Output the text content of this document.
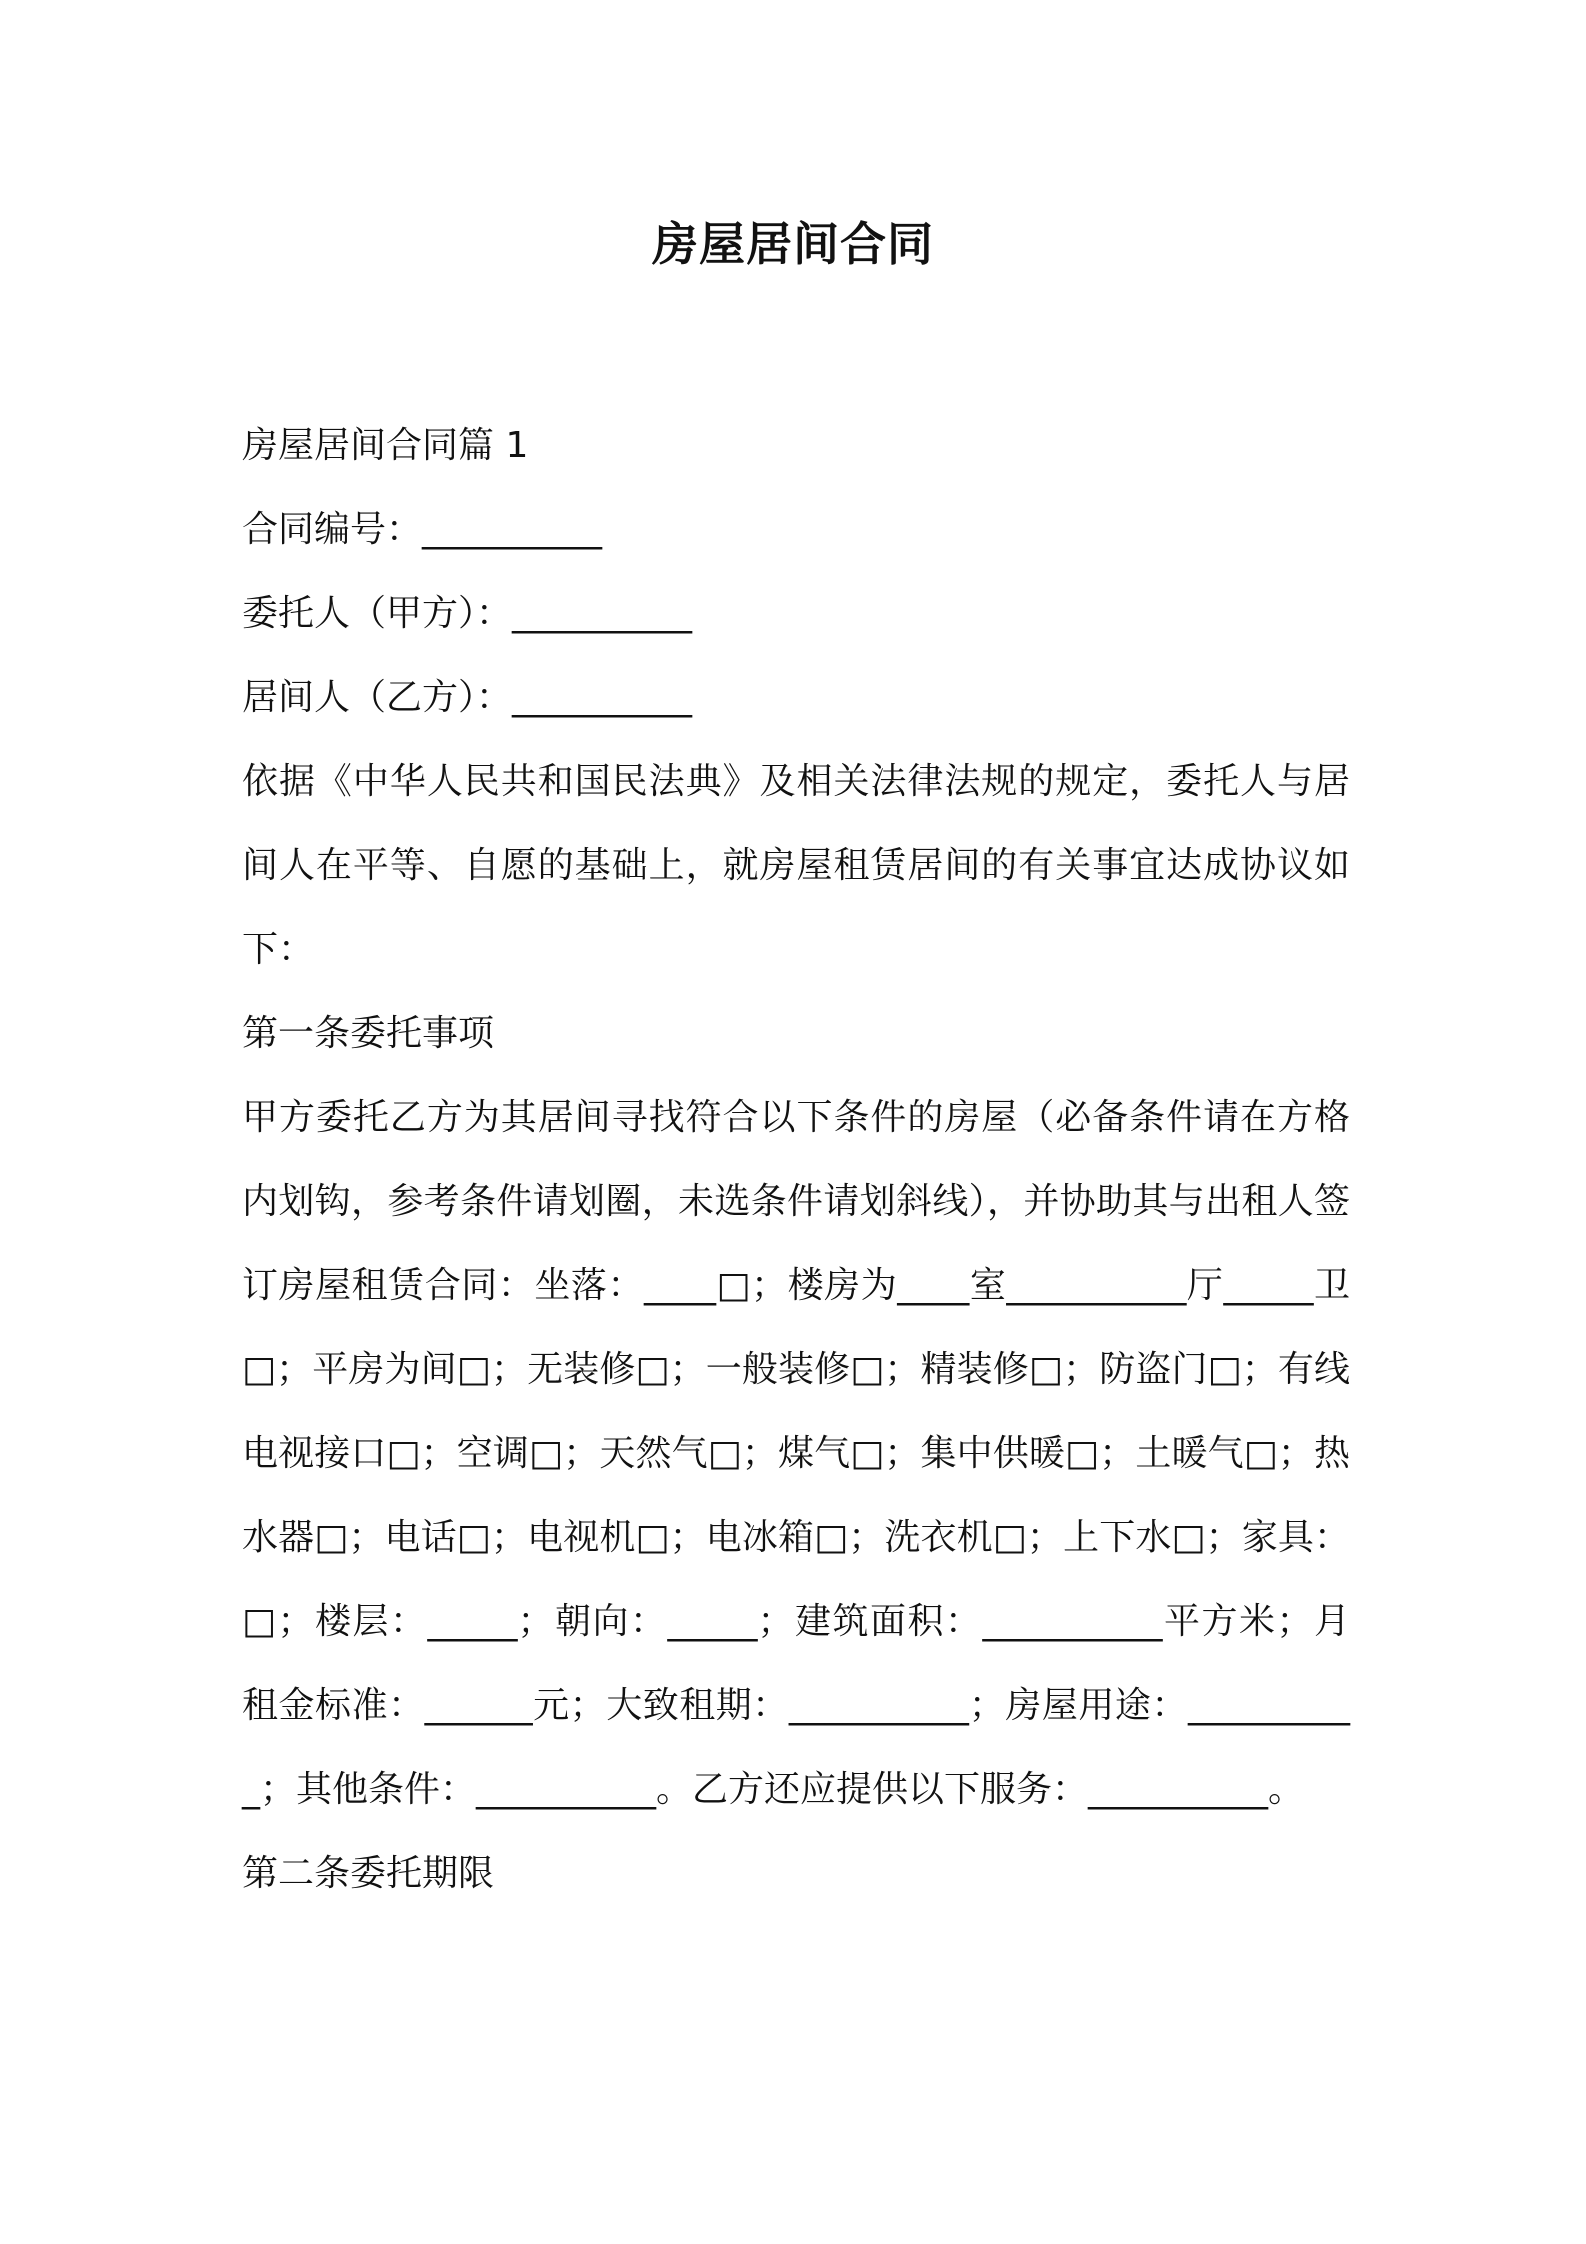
房屋居间合同

房屋居间合同篇 1

合同编号：__________

委托人（甲方）：__________

居间人（乙方）：__________

依据《中华人民共和国民法典》及相关法律法规的规定，委托人与居间人在平等、自愿的基础上，就房屋租赁居间的有关事宜达成协议如下：

第一条委托事项

甲方委托乙方为其居间寻找符合以下条件的房屋（必备条件请在方格内划钩，参考条件请划圈，未选条件请划斜线），并协助其与出租人签订房屋租赁合同：坐落：____□；楼房为____室__________厅_____卫□；平房为间□；无装修□；一般装修□；精装修□；防盗门□；有线电视接口□；空调□；天然气□；煤气□；集中供暖□；土暖气□；热水器□；电话□；电视机□；电冰箱□；洗衣机□；上下水□；家具：□；楼层：_____；朝向：_____；建筑面积：__________平方米；月租金标准：______元；大致租期：__________；房屋用途：__________；其他条件：__________。乙方还应提供以下服务：__________。

第二条委托期限
